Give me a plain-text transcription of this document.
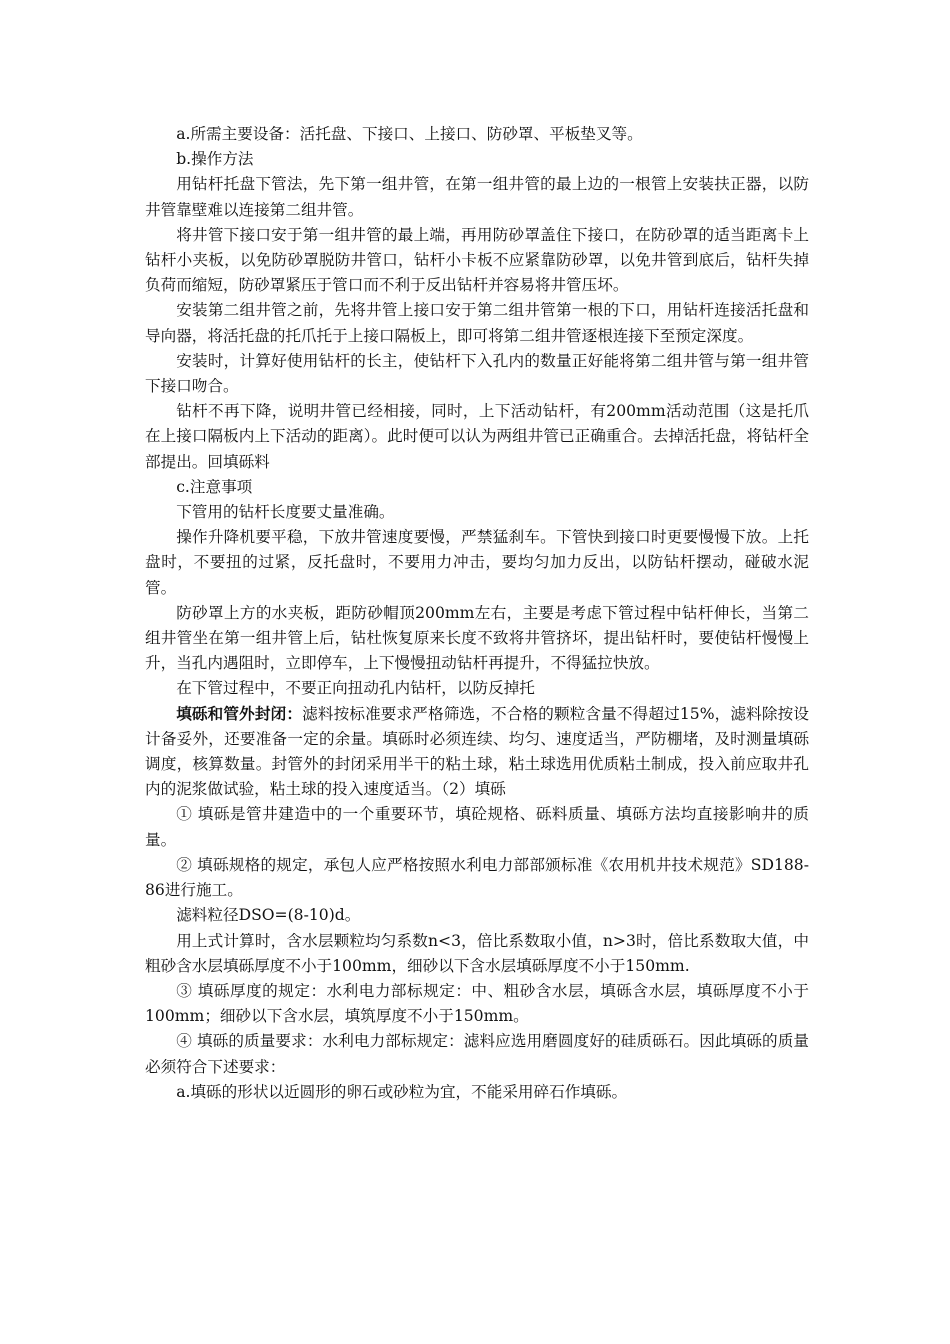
a.所需主要设备：活托盘、下接口、上接口、防砂罩、平板垫叉等。

b.操作方法

用钻杆托盘下管法，先下第一组井管，在第一组井管的最上边的一根管上安装扶正器，以防井管靠壁难以连接第二组井管。

将井管下接口安于第一组井管的最上端，再用防砂罩盖住下接口，在防砂罩的适当距离卡上钻杆小夹板，以免防砂罩脱防井管口，钻杆小卡板不应紧靠防砂罩，以免井管到底后，钻杆失掉负荷而缩短，防砂罩紧压于管口而不利于反出钻杆并容易将井管压坏。

安装第二组井管之前，先将井管上接口安于第二组井管第一根的下口，用钻杆连接活托盘和导向器，将活托盘的托爪托于上接口隔板上，即可将第二组井管逐根连接下至预定深度。

安装时，计算好使用钻杆的长主，使钻杆下入孔内的数量正好能将第二组井管与第一组井管下接口吻合。

钻杆不再下降，说明井管已经相接，同时，上下活动钻杆，有200mm活动范围（这是托爪在上接口隔板内上下活动的距离）。此时便可以认为两组井管已正确重合。去掉活托盘，将钻杆全部提出。回填砾料

c.注意事项

下管用的钻杆长度要丈量准确。

操作升降机要平稳，下放井管速度要慢，严禁猛刹车。下管快到接口时更要慢慢下放。上托盘时，不要扭的过紧，反托盘时，不要用力冲击，要均匀加力反出，以防钻杆摆动，碰破水泥管。

防砂罩上方的水夹板，距防砂帽顶200mm左右，主要是考虑下管过程中钻杆伸长，当第二组井管坐在第一组井管上后，钻杜恢复原来长度不致将井管挤坏，提出钻杆时，要使钻杆慢慢上升，当孔内遇阻时，立即停车，上下慢慢扭动钻杆再提升，不得猛拉快放。

在下管过程中，不要正向扭动孔内钻杆，以防反掉托

填砾和管外封闭：滤料按标准要求严格筛选，不合格的颗粒含量不得超过15%，滤料除按设计备妥外，还要准备一定的余量。填砾时必须连续、均匀、速度适当，严防棚堵，及时测量填砾调度，核算数量。封管外的封闭采用半干的粘土球，粘土球选用优质粘土制成，投入前应取井孔内的泥浆做试验，粘土球的投入速度适当。（2）填砾

① 填砾是管井建造中的一个重要环节，填砼规格、砾料质量、填砾方法均直接影响井的质量。

② 填砾规格的规定，承包人应严格按照水利电力部部颁标准《农用机井技术规范》SD188-86进行施工。

滤料粒径DSO=(8-10)d。

用上式计算时，含水层颗粒均匀系数n<3，倍比系数取小值，n>3时，倍比系数取大值，中粗砂含水层填砾厚度不小于100mm，细砂以下含水层填砾厚度不小于150mm.

③ 填砾厚度的规定：水利电力部标规定：中、粗砂含水层，填砾含水层，填砾厚度不小于100mm；细砂以下含水层，填筑厚度不小于150mm。

④ 填砾的质量要求：水利电力部标规定：滤料应选用磨圆度好的硅质砾石。因此填砾的质量必须符合下述要求：

a.填砾的形状以近圆形的卵石或砂粒为宜，不能采用碎石作填砾。
